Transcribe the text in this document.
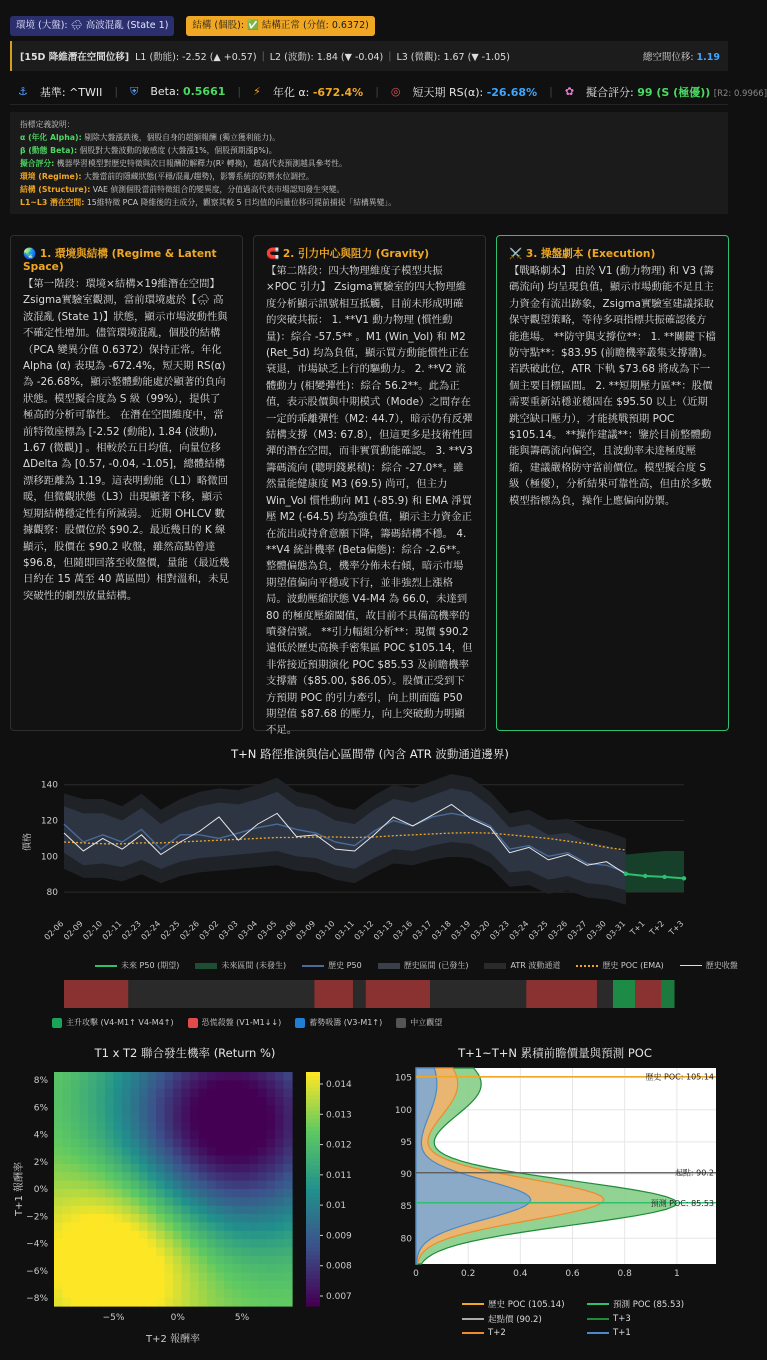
環境 (大盤): 🌧 高波混亂 (State 1)	結構 (個股): ✅ 結構正常 (分值: 0.6372)
[15D 降維潛在空間位移] L1 (動能): -2.52 (▲ +0.57) | L2 (波動): 1.84 (▼ -0.04) | L3 (微觀): 1.67 (▼ -1.05)	總空間位移: 1.19
⚓ 基準: ^TWII | ⛨ Beta: 0.5661 | ⚡ 年化 α: -672.4% | ◎ 短天期 RS(α): -26.68% | ✿ 擬合評分: 99 (S (極優)) [R2: 0.9966]
指標定義說明：
α (年化 Alpha): 剔除大盤漲跌後，個股自身的超額報酬 (獨立獲利能力)。
β (動態 Beta): 個股對大盤波動的敏感度 (大盤漲1%，個股預期漲β%)。
擬合評分: 機器學習模型對歷史特徵與次日報酬的解釋力(R² 轉換)，越高代表預測越具參考性。
環境 (Regime): 大盤當前的隱藏狀態(平穩/混亂/趨勢)，影響系統的防禦水位調控。
結構 (Structure): VAE 偵測個股當前特徵組合的變異度，分值過高代表市場認知發生突變。
L1~L3 潛在空間: 15維特徵 PCA 降維後的主成分，觀察其較 5 日均值的向量位移可提前捕捉「結構異變」。
🌏 1. 環境與結構 (Regime & Latent Space)
【第一階段：環境×結構×19維潛在空間】 Zsigma實驗室觀測，當前環境處於【🌧 高波混亂 (State 1)】狀態，顯示市場波動性與不確定性增加。儘管環境混亂，個股的結構（PCA 變異分值 0.6372）保持正常。年化 Alpha (α) 表現為 -672.4%，短天期 RS(α) 為 -26.68%，顯示整體動能處於顯著的負向狀態。模型擬合度為 S 級（99%），提供了極高的分析可靠性。 在潛在空間維度中，當前特徵座標為 [-2.52 (動能), 1.84 (波動), 1.67 (微觀)] 。相較於五日均值，向量位移 ΔDelta 為 [0.57, -0.04, -1.05]，總體結構漂移距離為 1.19。這表明動能（L1）略微回暖，但微觀狀態（L3）出現顯著下移，顯示短期結構穩定性有所減弱。 近期 OHLCV 數據觀察：股價位於 $90.2。最近幾日的 K 線顯示，股價在 $90.2 收盤，雖然高點曾達 $96.8，但隨即回落至收盤價，量能（最近幾日約在 15 萬至 40 萬區間）相對溫和，未見突破性的劇烈放量結構。
🧲 2. 引力中心與阻力 (Gravity)
【第二階段：四大物理維度子模型共振×POC 引力】 Zsigma實驗室的四大物理維度分析顯示訊號相互抵觸，目前未形成明確的突破共振： 1. **V1 動力物理 (慣性動量)：綜合 -57.5** 。M1 (Win_Vol) 和 M2 (Ret_5d) 均為負值，顯示買方動能慣性正在衰退，市場缺乏上行的驅動力。 2. **V2 流體動力 (相變彈性)：綜合 56.2**。此為正值，表示股價與中期模式（Mode）之間存在一定的乖離彈性（M2: 44.7），暗示仍有反彈結構支撐（M3: 67.8），但這更多是技術性回彈的潛在空間，而非實質動能確認。 3. **V3 籌碼流向 (聰明錢累積)：綜合 -27.0**。雖然量能健康度 M3 (69.5) 尚可，但主力 Win_Vol 慣性動向 M1 (-85.9) 和 EMA 淨買壓 M2 (-64.5) 均為強負值，顯示主力資金正在流出或持倉意願下降，籌碼結構不穩。 4. **V4 統計機率 (Beta偏態)：綜合 -2.6**。整體偏態為負，機率分佈未右傾，暗示市場期望值偏向平穩或下行，並非強烈上漲格局。波動壓縮狀態 V4-M4 為 66.0，未達到 80 的極度壓縮閾值，故目前不具備高機率的噴發信號。 **引力幅組分析**：現價 $90.2 遠低於歷史高換手密集區 POC $105.14，但非常接近預期演化 POC $85.53 及前瞻機率支撐牆（$85.00, $86.05）。股價正受到下方預期 POC 的引力牽引，向上則面臨 P50 期望值 $87.68 的壓力，向上突破動力明顯不足。
⚔️ 3. 操盤劇本 (Execution)
【戰略劇本】 由於 V1 (動力物理) 和 V3 (籌碼流向) 均呈現負值，顯示市場動能不足且主力資金有流出跡象，Zsigma實驗室建議採取保守觀望策略，等待多項指標共振確認後方能進場。 **防守與支撐位**： 1. **關鍵下檔防守點**：$83.95 (前瞻機率叢集支撐牆)。若跌破此位，ATR 下軌 $73.68 將成為下一個主要目標區間。 2. **短期壓力區**：股價需要重新站穩並穩固在 $95.50 以上（近期跳空缺口壓力），才能挑戰預期 POC $105.14。 **操作建議**：鑒於目前整體動能與籌碼流向偏空，且波動率未達極度壓縮，建議嚴格防守當前價位。模型擬合度 S 級（極優），分析結果可靠性高，但由於多數模型指標為負，操作上應偏向防禦。
T+N 路徑推演與信心區間帶 (內含 ATR 波動通道邊界)
80
100
120
140
價格
02-06
02-09
02-10
02-11
02-23
02-24
02-25
02-26
03-02
03-03
03-04
03-05
03-06
03-09
03-10
03-11
03-12
03-13
03-16
03-17
03-18
03-19
03-20
03-23
03-24
03-25
03-26
03-27
03-30
03-31 T+1 T+2 T+3
未來 P50 (期望)	未來區間 (未發生)	歷史 P50	歷史區間 (已發生)	ATR 波動通道	歷史 POC (EMA)	歷史收盤
主升攻擊 (V4-M1↑ V4-M4↑)	恐慌殺盤 (V1-M1↓↓)	蓄勢吸籌 (V3-M1↑)	中立觀望
T1 x T2 聯合發生機率 (Return %)
8%
6%
4%
2%
0%
−2%
−4%
−6%
−8%
−5%	0%	5%
T+2 報酬率
T+1 報酬率
0.014
0.013
0.012
0.011
0.01
0.009
0.008
0.007
T+1~T+N 累積前瞻價量與預測 POC
80
85
90
95
100
105
0	0.2	0.4	0.6	0.8	1
歷史 POC: 105.14
起點: 90.2
預測 POC: 85.53
歷史 POC (105.14)	預測 POC (85.53)
起點價 (90.2)	T+3
T+2	T+1
